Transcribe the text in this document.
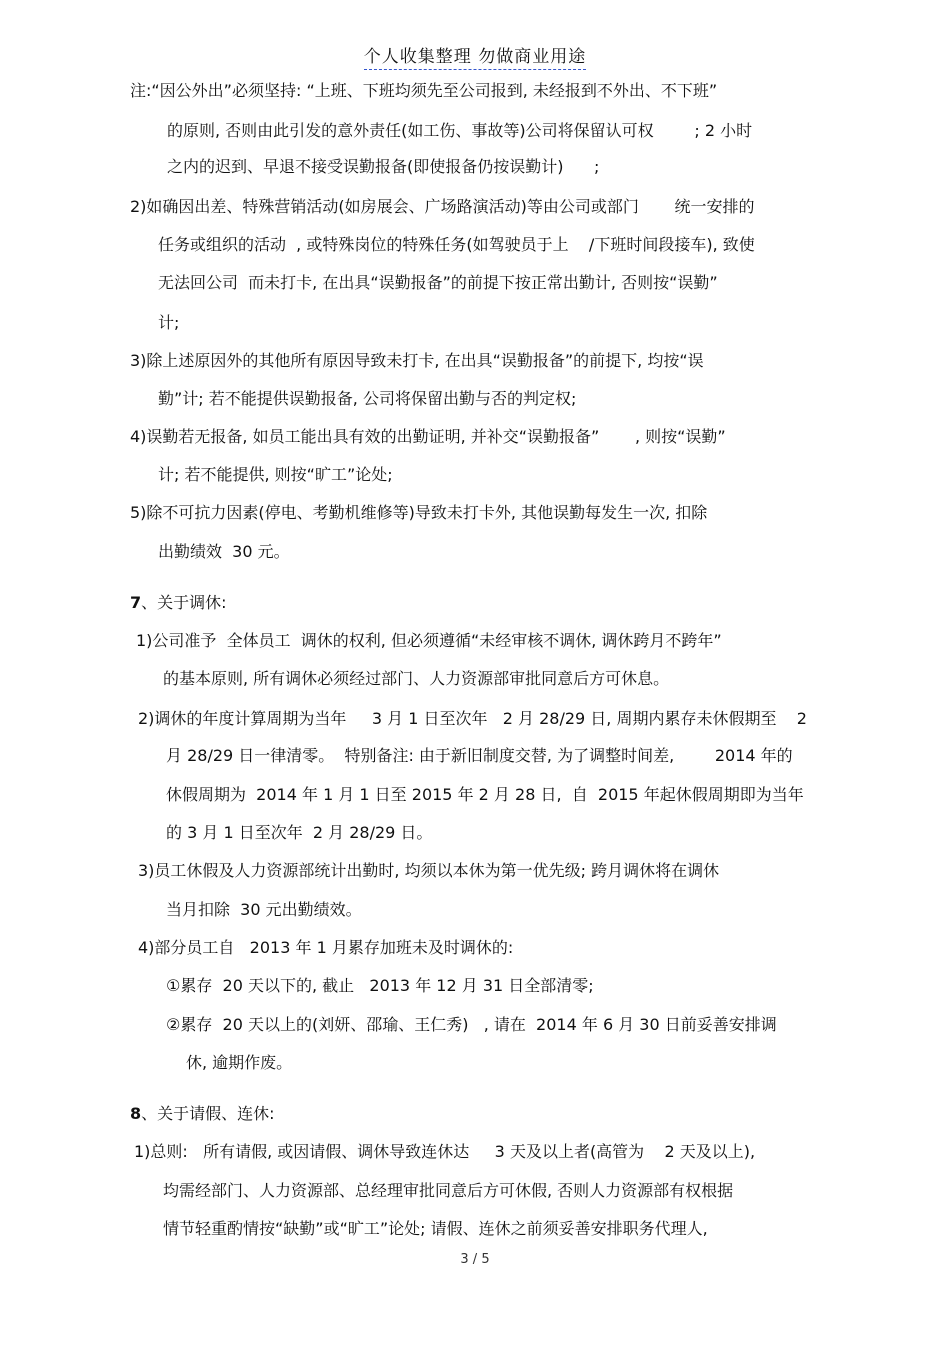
个人收集整理 勿做商业用途
注:“因公外出”必须坚持: “上班、下班均须先至公司报到, 未经报到不外出、不下班”
的原则, 否则由此引发的意外责任(如工伤、事故等)公司将保留认可权        ; 2 小时
之内的迟到、早退不接受误勤报备(即使报备仍按误勤计)      ;
2)如确因出差、特殊营销活动(如房展会、广场路演活动)等由公司或部门       统一安排的
任务或组织的活动  , 或特殊岗位的特殊任务(如驾驶员于上    /下班时间段接车), 致使
无法回公司  而未打卡, 在出具“误勤报备”的前提下按正常出勤计, 否则按“误勤”
计;
3)除上述原因外的其他所有原因导致未打卡, 在出具“误勤报备”的前提下, 均按“误
勤”计; 若不能提供误勤报备, 公司将保留出勤与否的判定权;
4)误勤若无报备, 如员工能出具有效的出勤证明, 并补交“误勤报备”       , 则按“误勤”
计; 若不能提供, 则按“旷工”论处;
5)除不可抗力因素(停电、考勤机维修等)导致未打卡外, 其他误勤每发生一次, 扣除
出勤绩效  30 元。
7、关于调休:
1)公司准予  全体员工  调休的权利, 但必须遵循“未经审核不调休, 调休跨月不跨年”
的基本原则, 所有调休必须经过部门、人力资源部审批同意后方可休息。
2)调休的年度计算周期为当年     3 月 1 日至次年   2 月 28/29 日, 周期内累存未休假期至    2
月 28/29 日一律清零。  特别备注: 由于新旧制度交替, 为了调整时间差,        2014 年的
休假周期为  2014 年 1 月 1 日至 2015 年 2 月 28 日,  自  2015 年起休假周期即为当年
的 3 月 1 日至次年  2 月 28/29 日。
3)员工休假及人力资源部统计出勤时, 均须以本休为第一优先级; 跨月调休将在调休
当月扣除  30 元出勤绩效。
4)部分员工自   2013 年 1 月累存加班未及时调休的:
①累存  20 天以下的, 截止   2013 年 12 月 31 日全部清零;
②累存  20 天以上的(刘妍、邵瑜、王仁秀)   , 请在  2014 年 6 月 30 日前妥善安排调
休, 逾期作废。
8、关于请假、连休:
1)总则:   所有请假, 或因请假、调休导致连休达     3 天及以上者(高管为    2 天及以上),
均需经部门、人力资源部、总经理审批同意后方可休假, 否则人力资源部有权根据
情节轻重酌情按“缺勤”或“旷工”论处; 请假、连休之前须妥善安排职务代理人,
3 / 5
